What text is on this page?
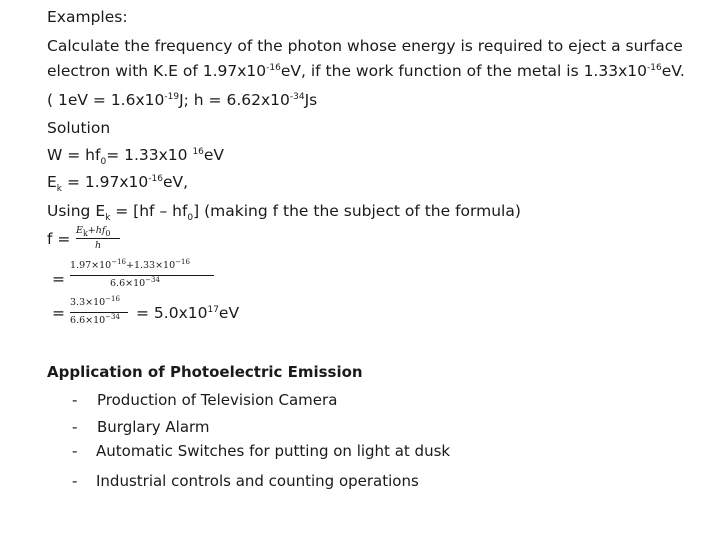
Examples:
Calculate the frequency of the photon whose energy is required to eject a surface
electron with K.E of $1.97x10^{-16}eV$, if the work function of the metal is $1.33x10^{-16}eV$.
( $1eV = 1.6x10^{-19}J$; $h = 6.62x10^{-34}Js$
Solution
$W = hf_0= 1.33x10$ $^{16}$eV
$E_k = 1.97x10^{-16}eV$,
Using $E_k = [hf - hf_0]$ (making f the the subject of the formula)
$f = E_k+hf_0$
h
=
$1.97\times 10^{-16}+1.33\times 10^{-16}$
$6.6\times 10^{-34}$
=
$3.3\times 10^{-16}$
$6.6\times 10^{-34} = 5.0x10^{17}eV$
Application of Photoelectric Emission
- Production of Television Camera
- Burglary Alarm
- Automatic Switches for putting on light at dusk
- Industrial controls and counting operations
